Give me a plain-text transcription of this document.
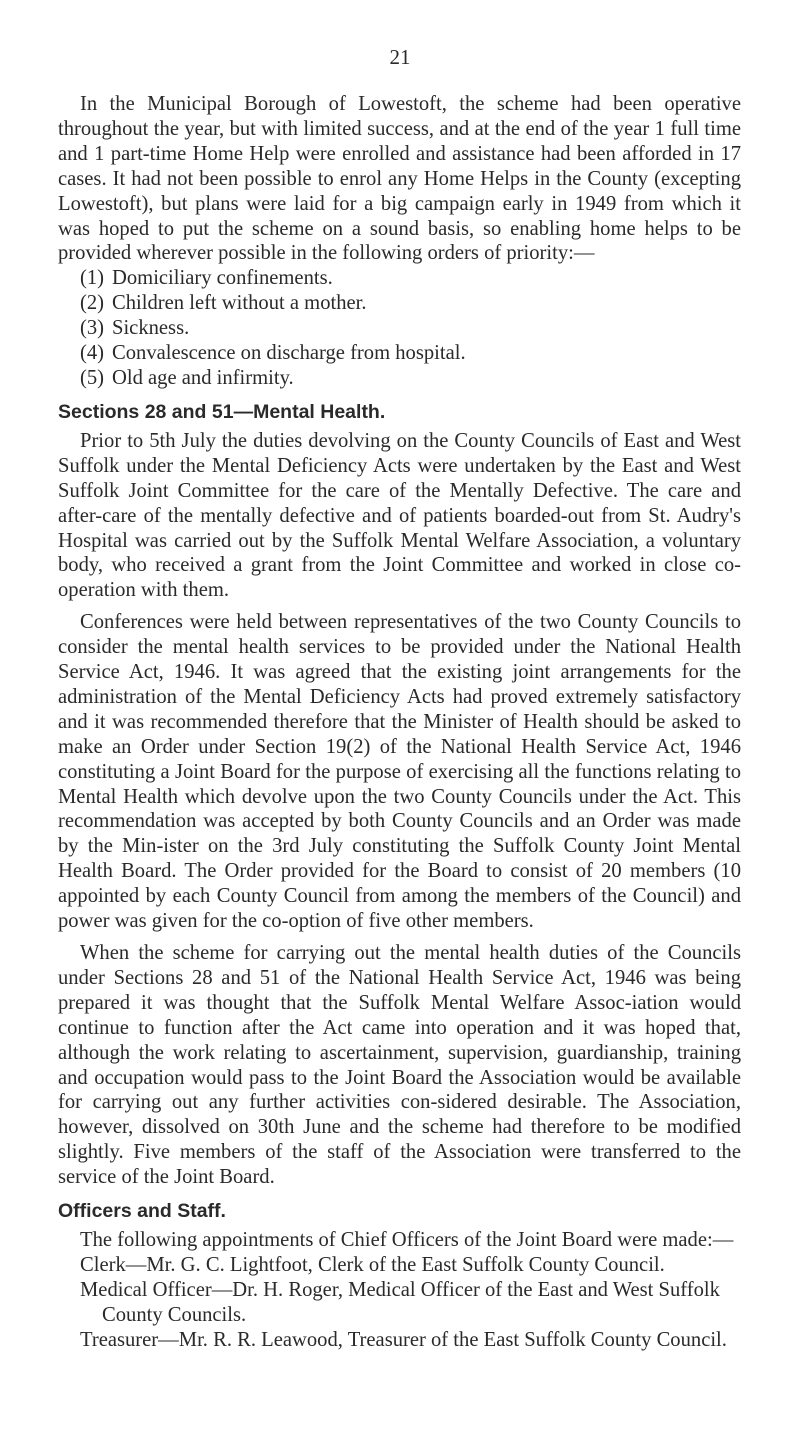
21

In the Municipal Borough of Lowestoft, the scheme had been operative throughout the year, but with limited success, and at the end of the year 1 full time and 1 part-time Home Help were enrolled and assistance had been afforded in 17 cases. It had not been possible to enrol any Home Helps in the County (excepting Lowestoft), but plans were laid for a big campaign early in 1949 from which it was hoped to put the scheme on a sound basis, so enabling home helps to be provided wherever possible in the following orders of priority:—

(1) Domiciliary confinements.
(2) Children left without a mother.
(3) Sickness.
(4) Convalescence on discharge from hospital.
(5) Old age and infirmity.
Sections 28 and 51—Mental Health.

Prior to 5th July the duties devolving on the County Councils of East and West Suffolk under the Mental Deficiency Acts were undertaken by the East and West Suffolk Joint Committee for the care of the Mentally Defective. The care and after-care of the mentally defective and of patients boarded-out from St. Audry's Hospital was carried out by the Suffolk Mental Welfare Association, a voluntary body, who received a grant from the Joint Committee and worked in close co-operation with them.

Conferences were held between representatives of the two County Councils to consider the mental health services to be provided under the National Health Service Act, 1946. It was agreed that the existing joint arrangements for the administration of the Mental Deficiency Acts had proved extremely satisfactory and it was recommended therefore that the Minister of Health should be asked to make an Order under Section 19(2) of the National Health Service Act, 1946 constituting a Joint Board for the purpose of exercising all the functions relating to Mental Health which devolve upon the two County Councils under the Act. This recommendation was accepted by both County Councils and an Order was made by the Min-ister on the 3rd July constituting the Suffolk County Joint Mental Health Board. The Order provided for the Board to consist of 20 members (10 appointed by each County Council from among the members of the Council) and power was given for the co-option of five other members.

When the scheme for carrying out the mental health duties of the Councils under Sections 28 and 51 of the National Health Service Act, 1946 was being prepared it was thought that the Suffolk Mental Welfare Assoc-iation would continue to function after the Act came into operation and it was hoped that, although the work relating to ascertainment, supervision, guardianship, training and occupation would pass to the Joint Board the Association would be available for carrying out any further activities con-sidered desirable. The Association, however, dissolved on 30th June and the scheme had therefore to be modified slightly. Five members of the staff of the Association were transferred to the service of the Joint Board.

Officers and Staff.

The following appointments of Chief Officers of the Joint Board were made:—

Clerk—Mr. G. C. Lightfoot, Clerk of the East Suffolk County Council.
Medical Officer—Dr. H. Roger, Medical Officer of the East and West Suffolk County Councils.
Treasurer—Mr. R. R. Leawood, Treasurer of the East Suffolk County Council.
